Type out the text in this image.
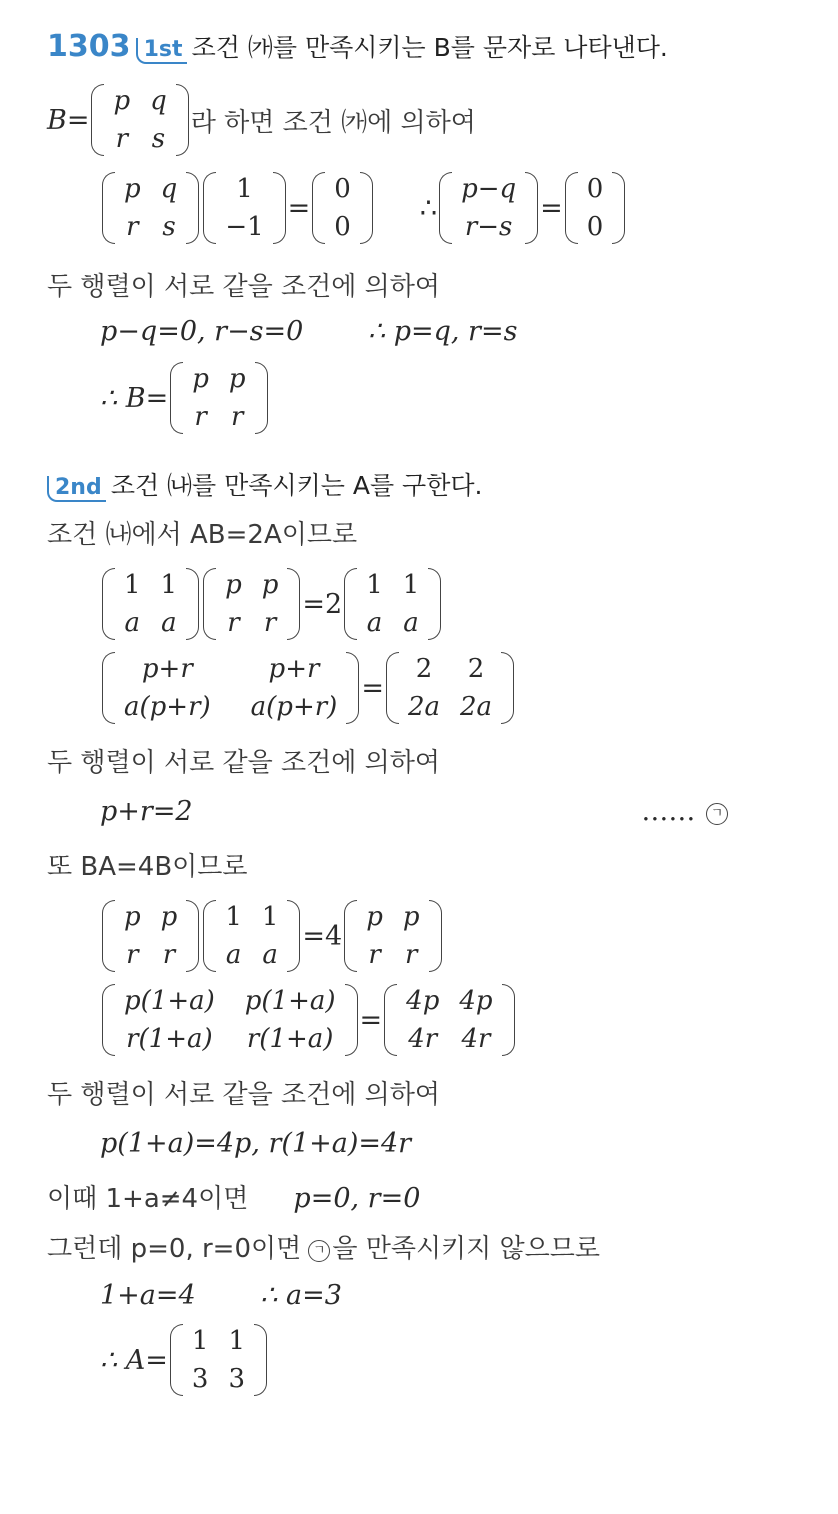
1303 1st 조건 ㈎를 만족시키는 B를 문자로 나타낸다.
B=
p	q
r	s
라 하면 조건 ㈎에 의하여
p	q
r	s
1
−1
=
0
0
∴
p−q
r−s
=
0
0
두 행렬이 서로 같을 조건에 의하여
p−q=0, r−s=0 ∴ p=q, r=s
∴ B=
p	p
r	r
2nd 조건 ㈏를 만족시키는 A를 구한다.
조건 ㈏에서 AB=2A이므로
1	1
a	a
p	p
r	r
=2
1	1
a	a
p+r	p+r
a(p+r)	a(p+r)
=
2	2
2a	2a
두 행렬이 서로 같을 조건에 의하여
p+r=2	…… ㄱ
또 BA=4B이므로
p	p
r	r
1	1
a	a
=4
p	p
r	r
p(1+a)	p(1+a)
r(1+a)	r(1+a)
=
4p	4p
4r	4r
두 행렬이 서로 같을 조건에 의하여
p(1+a)=4p, r(1+a)=4r
이때 1+a≠4이면 p=0, r=0
그런데 p=0, r=0이면 ㄱ 을 만족시키지 않으므로
1+a=4 ∴ a=3
∴ A=
1	1
3	3
